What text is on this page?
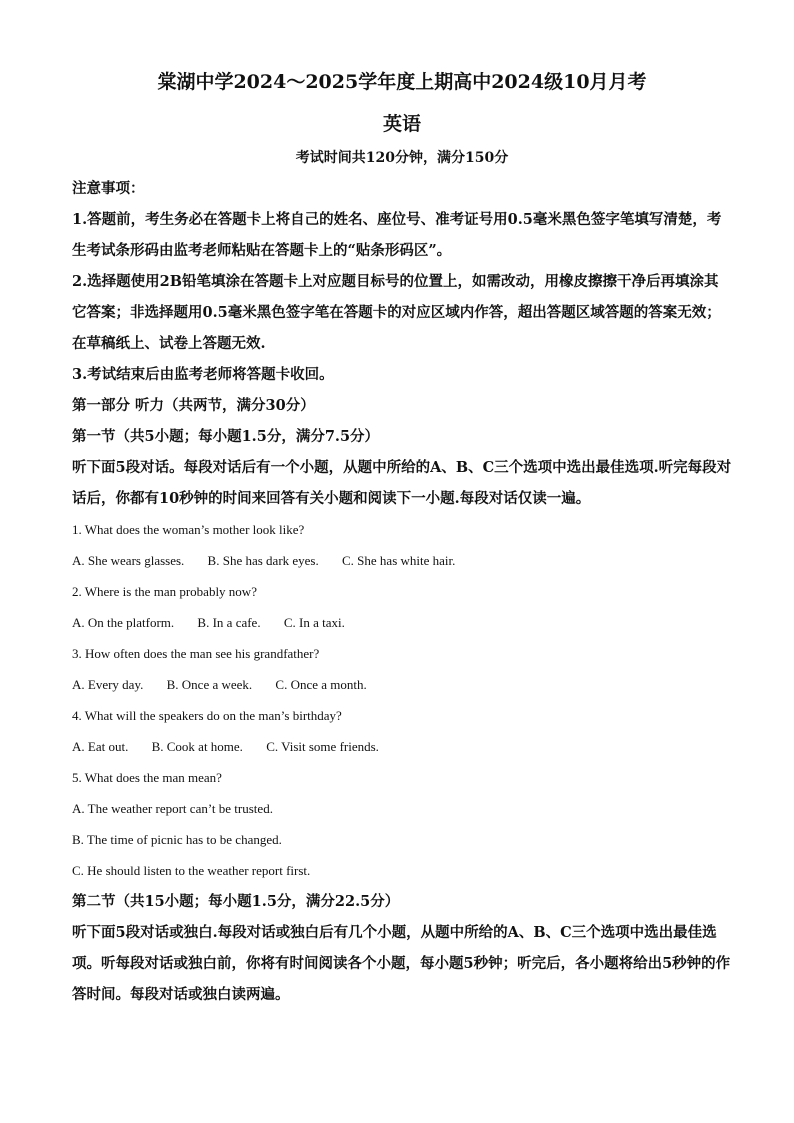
棠湖中学2024～2025学年度上期高中2024级10月月考
英语
考试时间共120分钟，满分150分

注意事项：

1.答题前，考生务必在答题卡上将自己的姓名、座位号、准考证号用0.5毫米黑色签字笔填写清楚，考生考试条形码由监考老师粘贴在答题卡上的“贴条形码区”。

2.选择题使用2B铅笔填涂在答题卡上对应题目标号的位置上，如需改动，用橡皮擦擦干净后再填涂其它答案；非选择题用0.5毫米黑色签字笔在答题卡的对应区域内作答，超出答题区域答题的答案无效；在草稿纸上、试卷上答题无效.

3.考试结束后由监考老师将答题卡收回。

第一部分 听力（共两节，满分30分）

第一节（共5小题；每小题1.5分，满分7.5分）

听下面5段对话。每段对话后有一个小题，从题中所给的A、B、C三个选项中选出最佳选项.听完每段对话后，你都有10秒钟的时间来回答有关小题和阅读下一小题.每段对话仅读一遍。

1. What does the woman’s mother look like?

A. She wears glasses. B. She has dark eyes. C. She has white hair.

2. Where is the man probably now?

A. On the platform. B. In a cafe. C. In a taxi.

3. How often does the man see his grandfather?

A. Every day. B. Once a week. C. Once a month.

4. What will the speakers do on the man’s birthday?

A. Eat out. B. Cook at home. C. Visit some friends.

5. What does the man mean?

A. The weather report can’t be trusted.

B. The time of picnic has to be changed.

C. He should listen to the weather report first.

第二节（共15小题；每小题1.5分，满分22.5分）

听下面5段对话或独白.每段对话或独白后有几个小题，从题中所给的A、B、C三个选项中选出最佳选项。听每段对话或独白前，你将有时间阅读各个小题，每小题5秒钟；听完后，各小题将给出5秒钟的作答时间。每段对话或独白读两遍。
